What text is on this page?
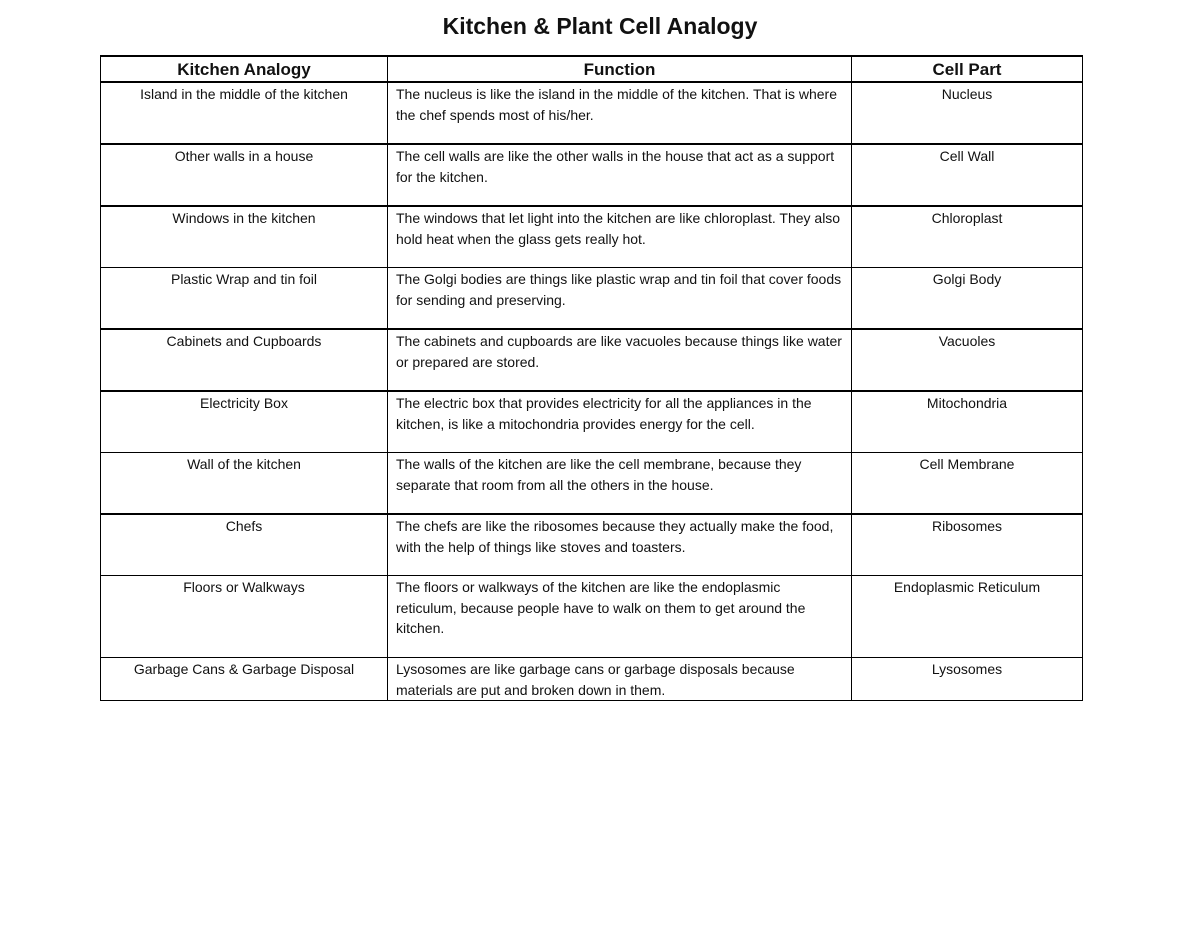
Kitchen & Plant Cell Analogy
Kitchen Analogy	Function	Cell Part
Island in the middle of the kitchen	The nucleus is like the island in the middle of the kitchen. That is where the chef spends most of his/her.	Nucleus
Other walls in a house	The cell walls are like the other walls in the house that act as a support for the kitchen.	Cell Wall
Windows in the kitchen	The windows that let light into the kitchen are like chloroplast. They also hold heat when the glass gets really hot.	Chloroplast
Plastic Wrap and tin foil	The Golgi bodies are things like plastic wrap and tin foil that cover foods for sending and preserving.	Golgi Body
Cabinets and Cupboards	The cabinets and cupboards are like vacuoles because things like water or prepared are stored.	Vacuoles
Electricity Box	The electric box that provides electricity for all the appliances in the kitchen, is like a mitochondria provides energy for the cell.	Mitochondria
Wall of the kitchen	The walls of the kitchen are like the cell membrane, because they separate that room from all the others in the house.	Cell Membrane
Chefs	The chefs are like the ribosomes because they actually make the food, with the help of things like stoves and toasters.	Ribosomes
Floors or Walkways	The floors or walkways of the kitchen are like the endoplasmic reticulum, because people have to walk on them to get around the kitchen.	Endoplasmic Reticulum
Garbage Cans & Garbage Disposal	Lysosomes are like garbage cans or garbage disposals because materials are put and broken down in them.	Lysosomes
